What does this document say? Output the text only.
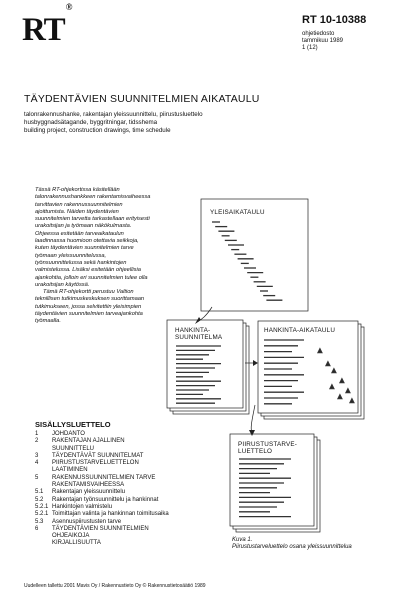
RT®
RT 10-10388
ohjetiedosto
tammikuu 1989
1 (12)
TÄYDENTÄVIEN SUUNNITELMIEN AIKATAULU
talonrakennushanke, rakentajan yleissuunnittelu, piirustusluettelo
husbyggnadsätagande, byggritningar, tidsshema
building project, construction drawings, time schedule

Tässä RT-ohjekortissa käsitellään talonrakennushankkeen rakentamisvaiheessa tarvittavien rakennussuunnitelmien ajoittumista. Näiden täydentävien suunnitelmien tarvetta tarkastellaan erityisesti urakoitsijan ja työmaan näkökulmasta. Ohjeessa esitetään tarveaikataulun laadinnassa huomioon otettavia seikkoja, kuten täydentävien suunnitelmien tarve työmaan yleissuunnitelussa, työnsuunnittelussa sekä hankintojen valmistelussa. Lisäksi esitetään ohjeellisia ajankohtia, jolloin eri suunnitelmien tulee olla urakoitsijan käytössä.

Tämä RT-ohjekortti perustuu Valtion teknillisen tutkimuskeskuksen suorittamaan tutkimukseen, jossa selvitettiin yleisimpien täydentävien suunnitelmien tarveajankohta työmaalla.

SISÄLLYSLUETTELO
1	JOHDANTO
2	RAKENTAJAN AJALLINEN SUUNNITTELU
3	TÄYDENTÄVÄT SUUNNITELMAT
4	PIIRUSTUSTARVELUETTELON LAATIMINEN
5	RAKENNUSSUUNNITELMIEN TARVE RAKENTAMISVAIHEESSA
5.1	Rakentajan yleissuunnittelu
5.2	Rakentajan työnsuunnittelu ja hankinnat
5.2.1 Hankintojen valmistelu
5.2.1 Toimittajan valinta ja hankinnan toimitusaika
5.3	Asennuspiirustusten tarve
6	TÄYDENTÄVIEN SUUNNITELMIEN OHJEAIKOJA
KIRJALLISUUTTA
▲
▲
▲
▲
▲
▲
▲
▲
YLEISAIKATAULU
HANKINTA-
SUUNNITELMA
HANKINTA-AIKATAULU
PIIRUSTUSTARVE-
LUETTELO
Kuva 1.
Piirustustarveluettelo osana yleissuunnittelua
Uudelleen tallettu 2001 Mavis Oy / Rakennustieto Oy © Rakennustietosäätiö 1989
